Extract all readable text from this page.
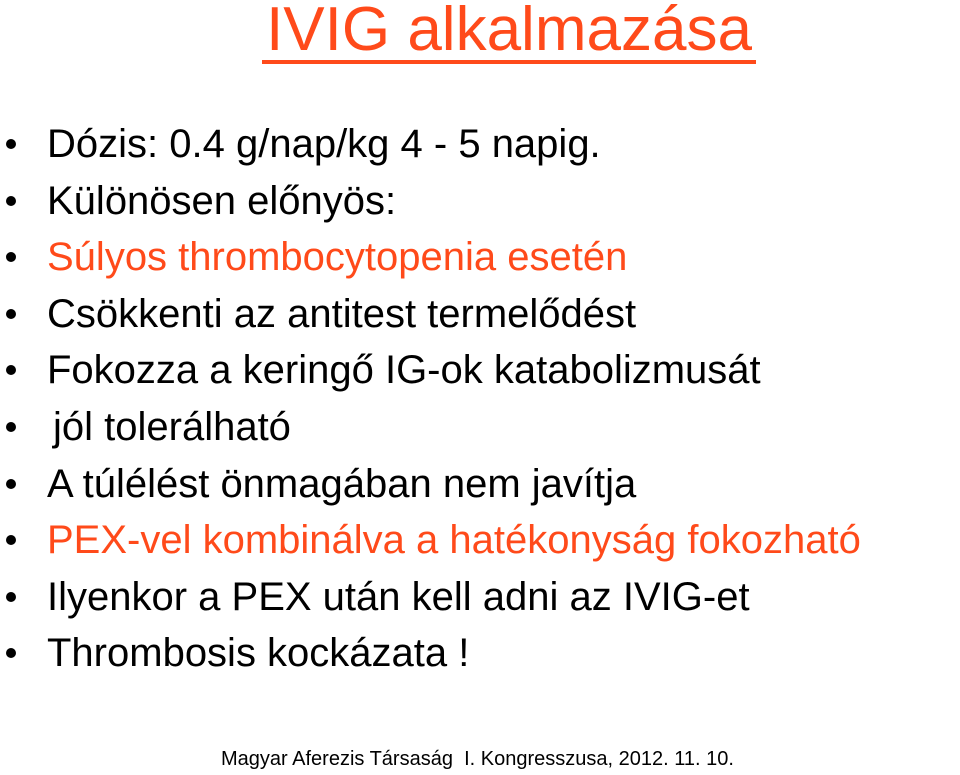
IVIG alkalmazása
Dózis: 0.4 g/nap/kg 4 - 5 napig.
Különösen előnyös:
Súlyos thrombocytopenia esetén
Csökkenti az antitest termelődést
Fokozza a keringő IG-ok katabolizmusát
jól tolerálható
A túlélést önmagában nem javítja
PEX-vel kombinálva a hatékonyság fokozható
Ilyenkor a PEX után kell adni az IVIG-et
Thrombosis kockázata !
Magyar Aferezis Társaság  I. Kongresszusa, 2012. 11. 10.
